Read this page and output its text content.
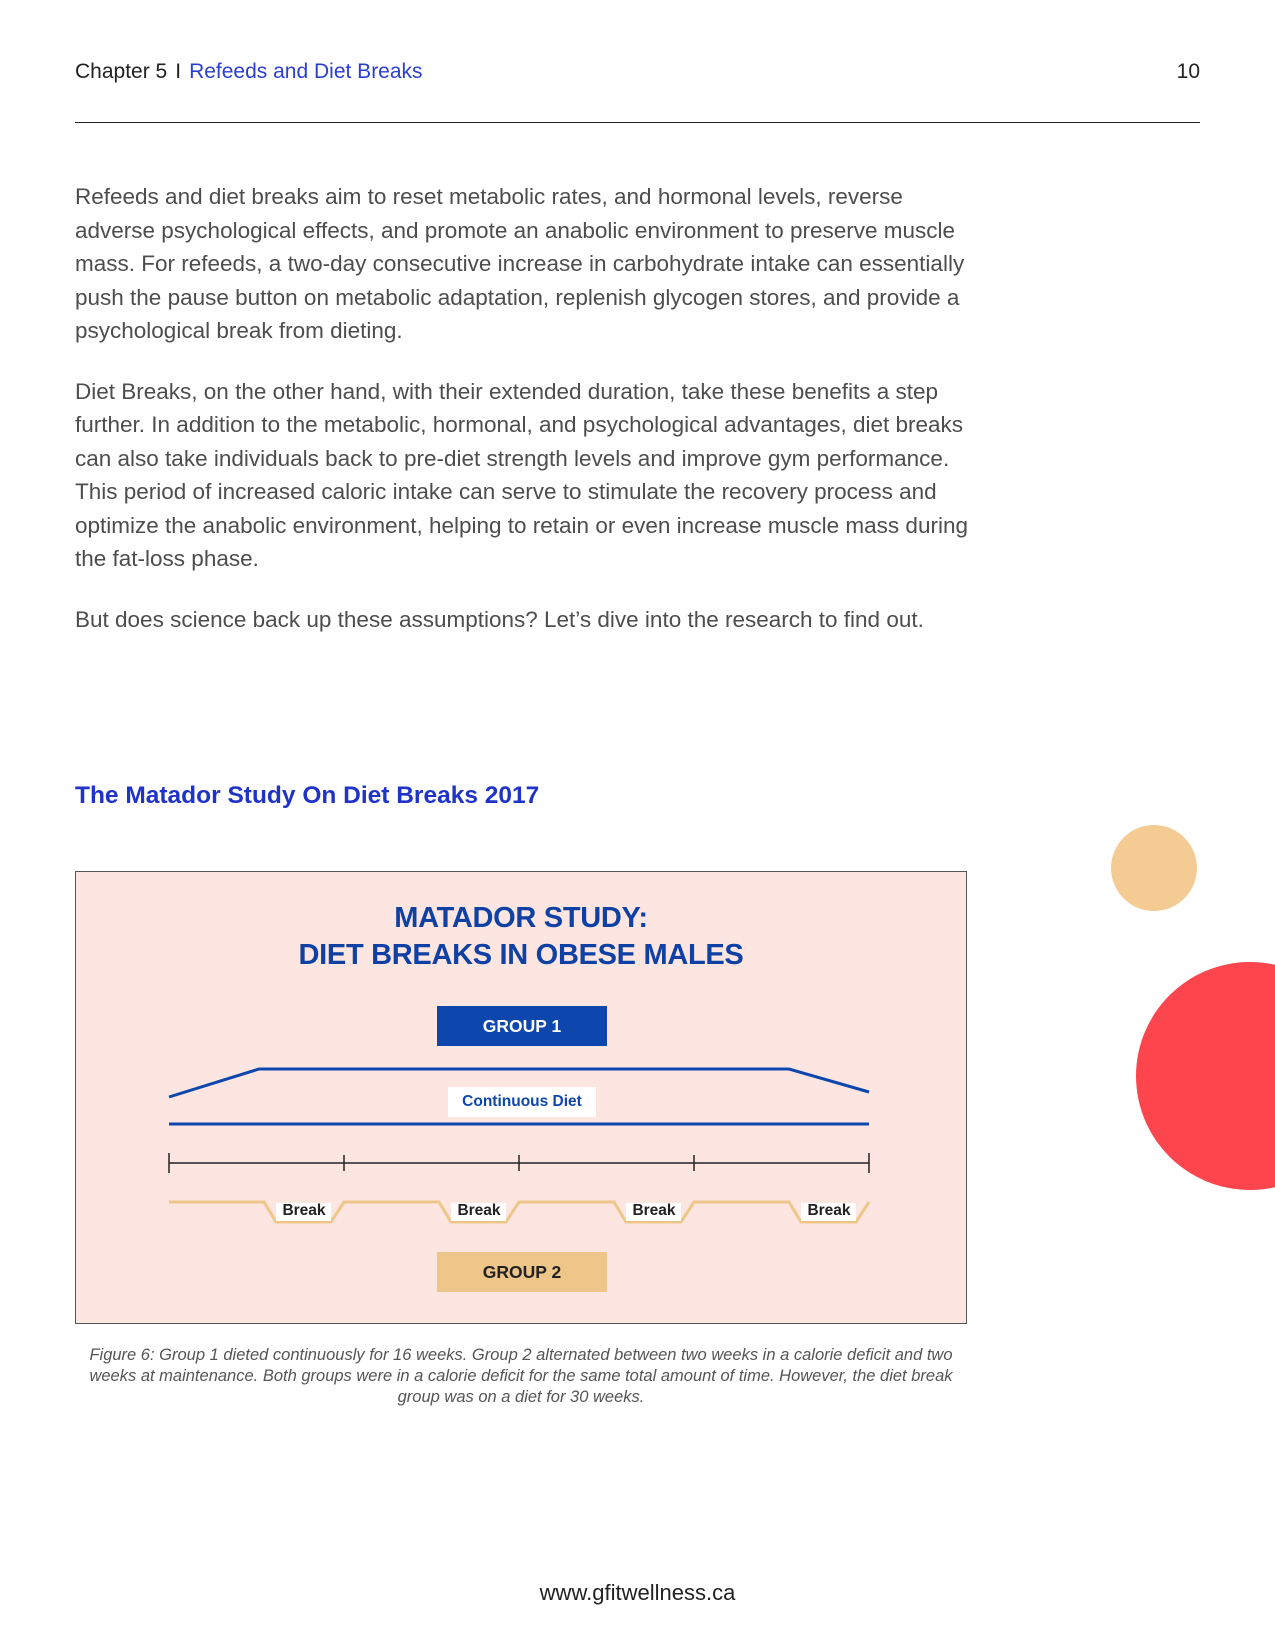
Chapter 5 I Refeeds and Diet Breaks	10

Refeeds and diet breaks aim to reset metabolic rates, and hormonal levels, reverse adverse psychological effects, and promote an anabolic environment to preserve muscle mass. For refeeds, a two-day consecutive increase in carbohydrate intake can essentially push the pause button on metabolic adaptation, replenish glycogen stores, and provide a psychological break from dieting.

Diet Breaks, on the other hand, with their extended duration, take these benefits a step further. In addition to the metabolic, hormonal, and psychological advantages, diet breaks can also take individuals back to pre-diet strength levels and improve gym performance. This period of increased caloric intake can serve to stimulate the recovery process and optimize the anabolic environment, helping to retain or even increase muscle mass during the fat-loss phase.

But does science back up these assumptions? Let’s dive into the research to find out.

The Matador Study On Diet Breaks 2017
MATADOR STUDY:
DIET BREAKS IN OBESE MALES
GROUP 1
Continuous Diet
Break	Break	Break	Break
GROUP 2
Figure 6: Group 1 dieted continuously for 16 weeks. Group 2 alternated between two weeks in a calorie deficit and two weeks at maintenance. Both groups were in a calorie deficit for the same total amount of time. However, the diet break group was on a diet for 30 weeks.
www.gfitwellness.ca
